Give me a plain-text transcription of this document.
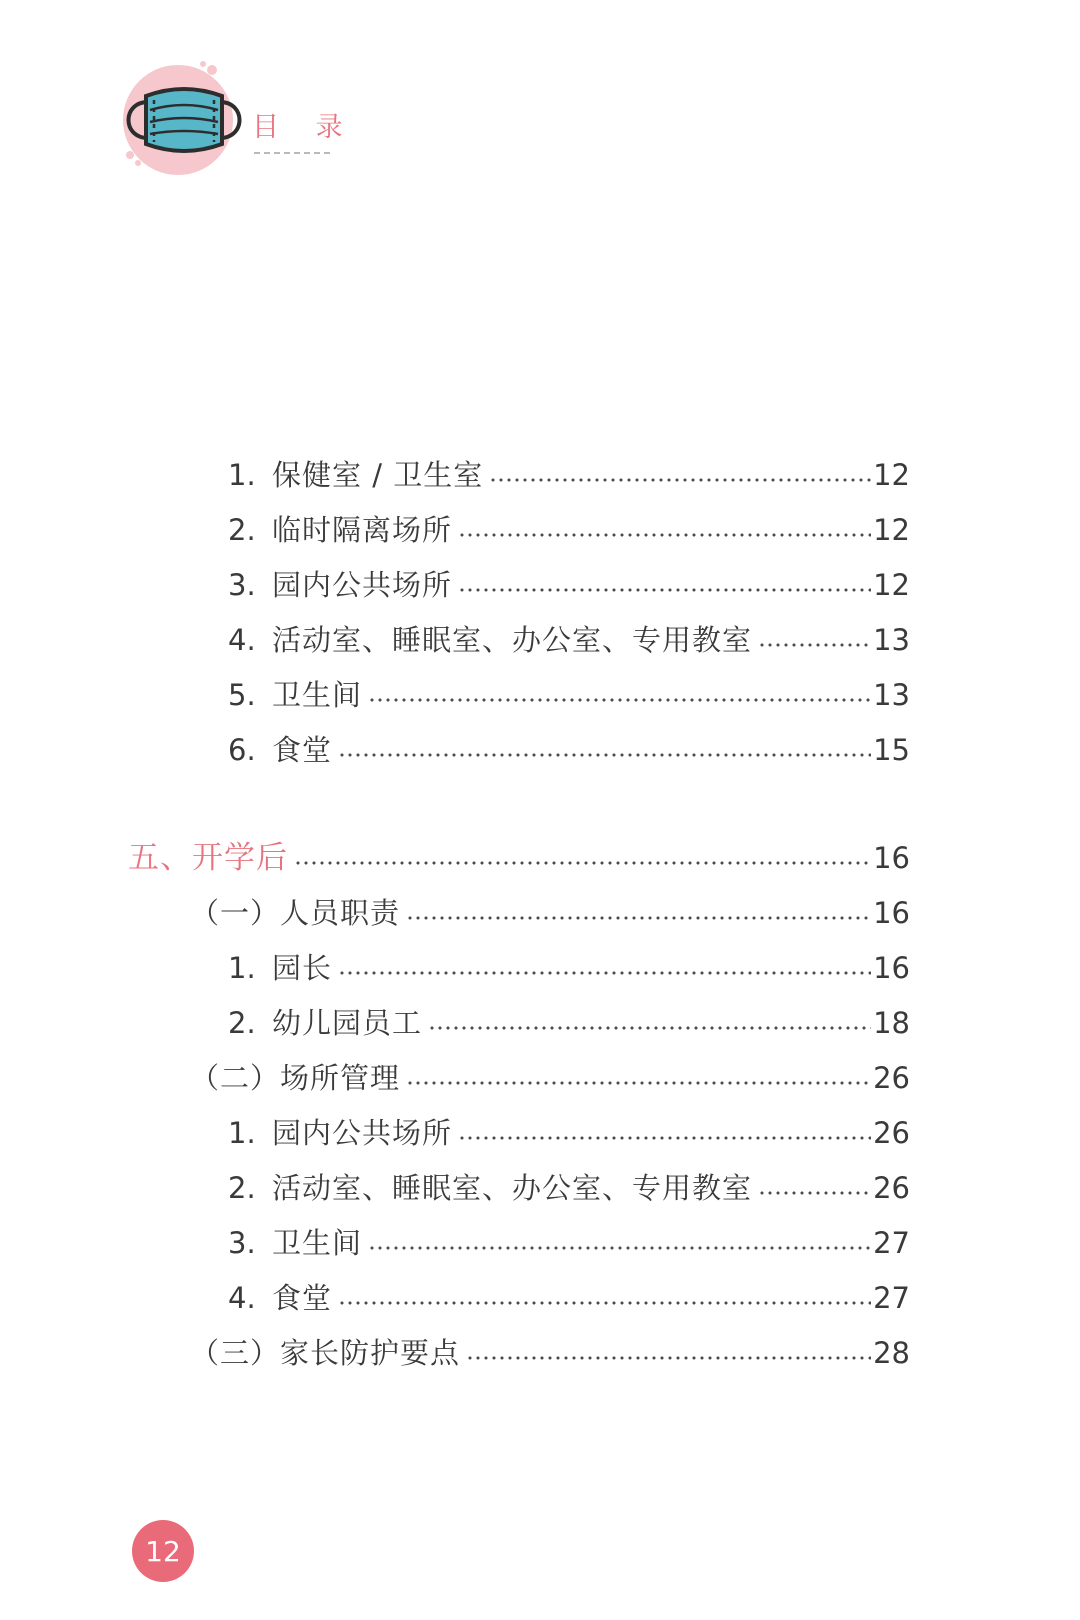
目 录
1. 保健室 / 卫生室	12
2. 临时隔离场所	12
3. 园内公共场所	12
4. 活动室、睡眠室、办公室、专用教室	13
5. 卫生间	13
6. 食堂	15
五、开学后	16
（一）人员职责	16
1. 园长	16
2. 幼儿园员工	18
（二）场所管理	26
1. 园内公共场所	26
2. 活动室、睡眠室、办公室、专用教室	26
3. 卫生间	27
4. 食堂	27
（三）家长防护要点	28
12
